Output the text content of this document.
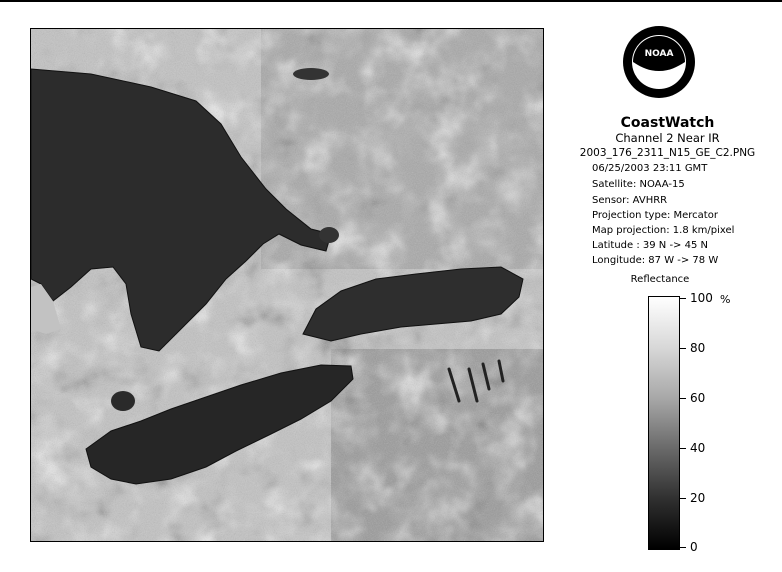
NOAA
CoastWatch
Channel 2 Near IR
2003_176_2311_N15_GE_C2.PNG
06/25/2003 23:11 GMT
Satellite: NOAA-15
Sensor: AVHRR
Projection type: Mercator
Map projection: 1.8 km/pixel
Latitude : 39 N -> 45 N
Longitude: 87 W -> 78 W
Reflectance
%
100
80
60
40
20
0
